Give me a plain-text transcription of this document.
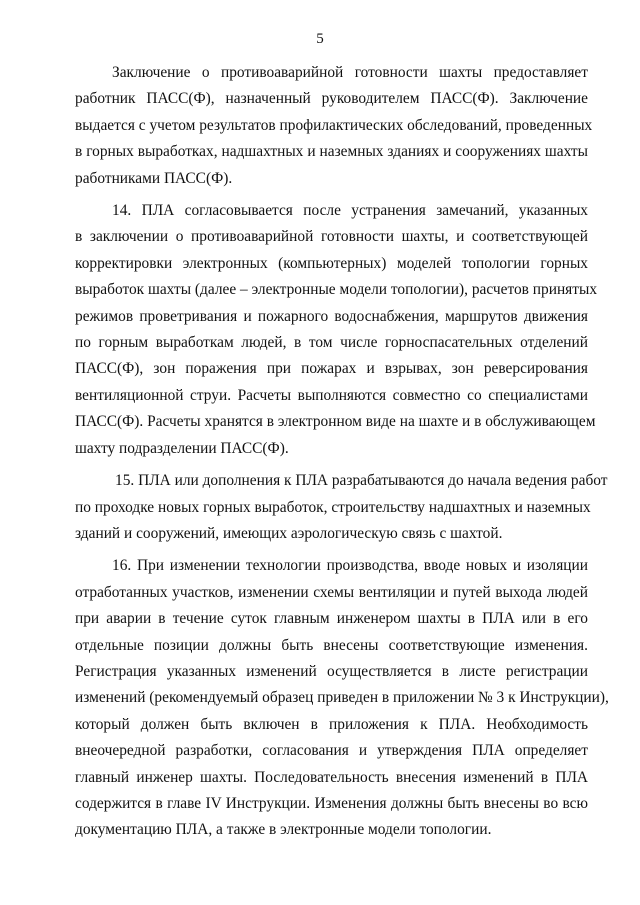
5

Заключение о противоаварийной готовности шахты предоставляет
работник ПАСС(Ф), назначенный руководителем ПАСС(Ф). Заключение
выдается с учетом результатов профилактических обследований, проведенных
в горных выработках, надшахтных и наземных зданиях и сооружениях шахты
работниками ПАСС(Ф).

14. ПЛА согласовывается после устранения замечаний, указанных
в заключении о противоаварийной готовности шахты, и соответствующей
корректировки электронных (компьютерных) моделей топологии горных
выработок шахты (далее – электронные модели топологии), расчетов принятых
режимов проветривания и пожарного водоснабжения, маршрутов движения
по горным выработкам людей, в том числе горноспасательных отделений
ПАСС(Ф), зон поражения при пожарах и взрывах, зон реверсирования
вентиляционной струи. Расчеты выполняются совместно со специалистами
ПАСС(Ф). Расчеты хранятся в электронном виде на шахте и в обслуживающем
шахту подразделении ПАСС(Ф).

15. ПЛА или дополнения к ПЛА разрабатываются до начала ведения работ
по проходке новых горных выработок, строительству надшахтных и наземных
зданий и сооружений, имеющих аэрологическую связь с шахтой.

16. При изменении технологии производства, вводе новых и изоляции
отработанных участков, изменении схемы вентиляции и путей выхода людей
при аварии в течение суток главным инженером шахты в ПЛА или в его
отдельные позиции должны быть внесены соответствующие изменения.
Регистрация указанных изменений осуществляется в листе регистрации
изменений (рекомендуемый образец приведен в приложении № 3 к Инструкции),
который должен быть включен в приложения к ПЛА. Необходимость
внеочередной разработки, согласования и утверждения ПЛА определяет
главный инженер шахты. Последовательность внесения изменений в ПЛА
содержится в главе IV Инструкции. Изменения должны быть внесены во всю
документацию ПЛА, а также в электронные модели топологии.
